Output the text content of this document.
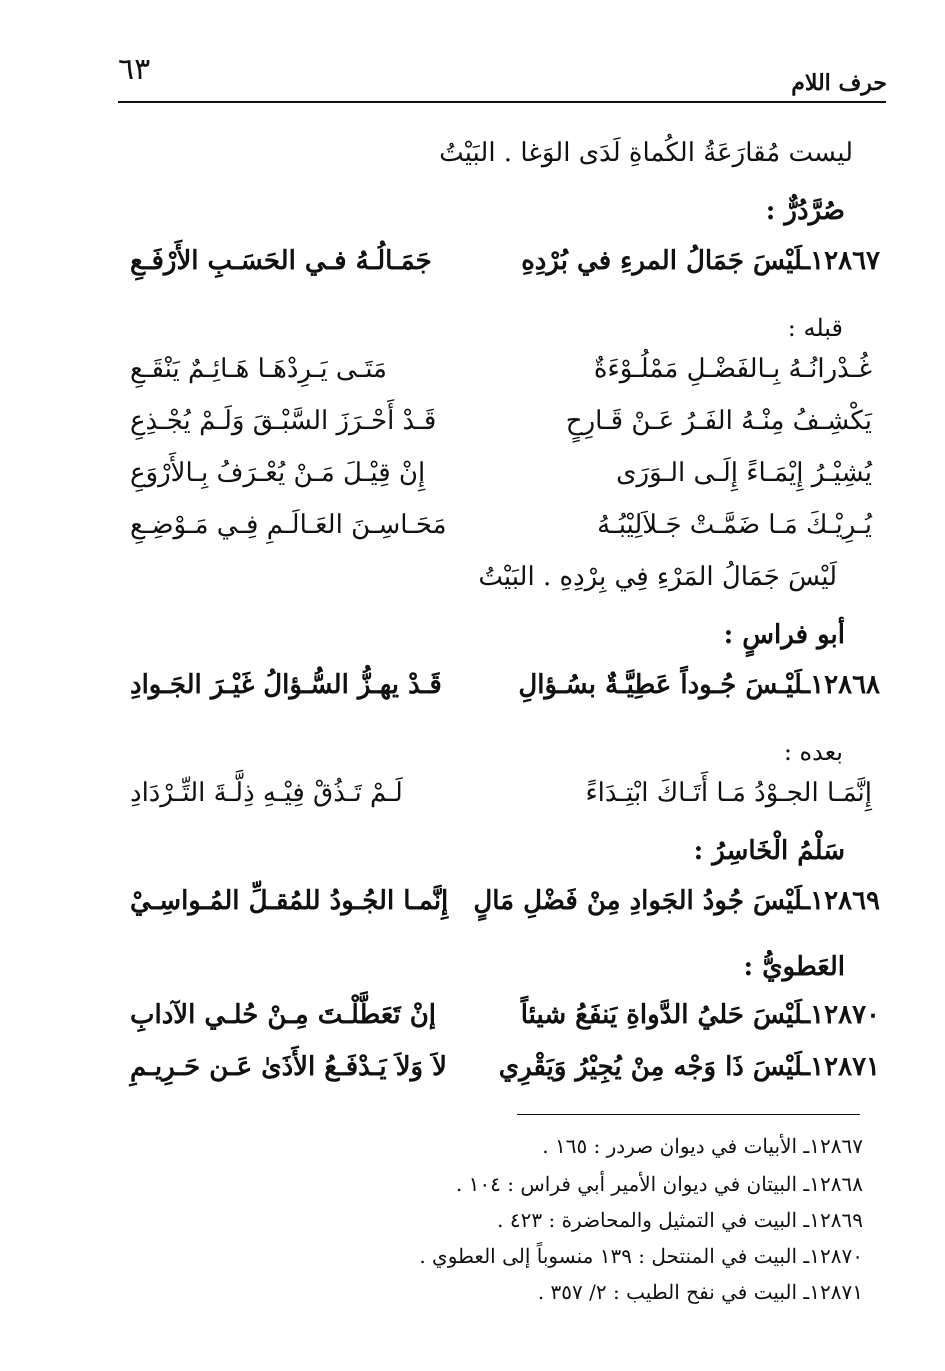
٦٣	حرف اللام
ليست مُقارَعَةُ الكُماةِ لَدَى الوَغا . البَيْتُ
صُرَّدُرٌّ :
١٢٨٦٧ـلَيْسَ جَمَالُ المرءِ في بُرْدِهِ
جَمَـالُـهُ فـي الحَسَـبِ الأَرْفَـعِ
قبله :
غُـدْرانُـهُ بِـالفَضْـلِ مَمْلُـوْءَةٌ
مَتَـى يَـرِدْهَـا هَـائِـمٌ يَنْقَـعِ
يَكْشِـفُ مِنْـهُ الفَـرُ عَـنْ قَـارِحٍ
قَـدْ أَحْـرَزَ السَّبْـقَ وَلَـمْ يُجْـذِعِ
يُشِيْـرُ إِيْمَـاءً إِلَـى الـوَرَى
إِنْ قِيْـلَ مَـنْ يُعْـرَفُ بِـالأَرْوَعِ
يُـرِيْـكَ مَـا ضَمَّـتْ جَـلاَلِيْبُـهُ
مَحَـاسِـنَ العَـالَـمِ فِـي مَـوْضِـعِ
لَيْسَ جَمَالُ المَرْءِ فِي بِرْدِهِ . البَيْتُ
أبو فراسٍ :
١٢٨٦٨ـلَيْـسَ جُـوداً عَطِيَّـةٌ بسُـؤالِ
قَـدْ يهـزُّ السُّـؤالُ غَيْـرَ الجَـوادِ
بعده :
إِنَّمَـا الجـوْدُ مَـا أَتَـاكَ ابْتِـدَاءً
لَـمْ تَـذُقْ فِيْـهِ ذِلَّـةَ التِّـرْدَادِ
سَلْمُ الْخَاسِرُ :
١٢٨٦٩ـلَيْسَ جُودُ الجَوادِ مِنْ فَضْلِ مَالٍ
إِنَّمـا الجُـودُ للمُقـلِّ المُـواسِـيْ
العَطويُّ :
١٢٨٧٠ـلَيْسَ حَليُ الدَّواةِ يَنفَعُ شيئاً
إنْ تَعَطَّلْـتَ مِـنْ حُلـي الآدابِ
١٢٨٧١ـلَيْسَ ذَا وَجْه مِنْ يُجِيْرُ وَيَقْرِي
لاَ وَلاَ يَـدْفَـعُ الأَذَىٰ عَـن حَـرِيـمِ
١٢٨٦٧ـ الأبيات في ديوان صردر : ١٦٥ .
١٢٨٦٨ـ البيتان في ديوان الأمير أبي فراس : ١٠٤ .
١٢٨٦٩ـ البيت في التمثيل والمحاضرة : ٤٢٣ .
١٢٨٧٠ـ البيت في المنتحل : ١٣٩ منسوباً إلى العطوي .
١٢٨٧١ـ البيت في نفح الطيب : ٢/ ٣٥٧ .
